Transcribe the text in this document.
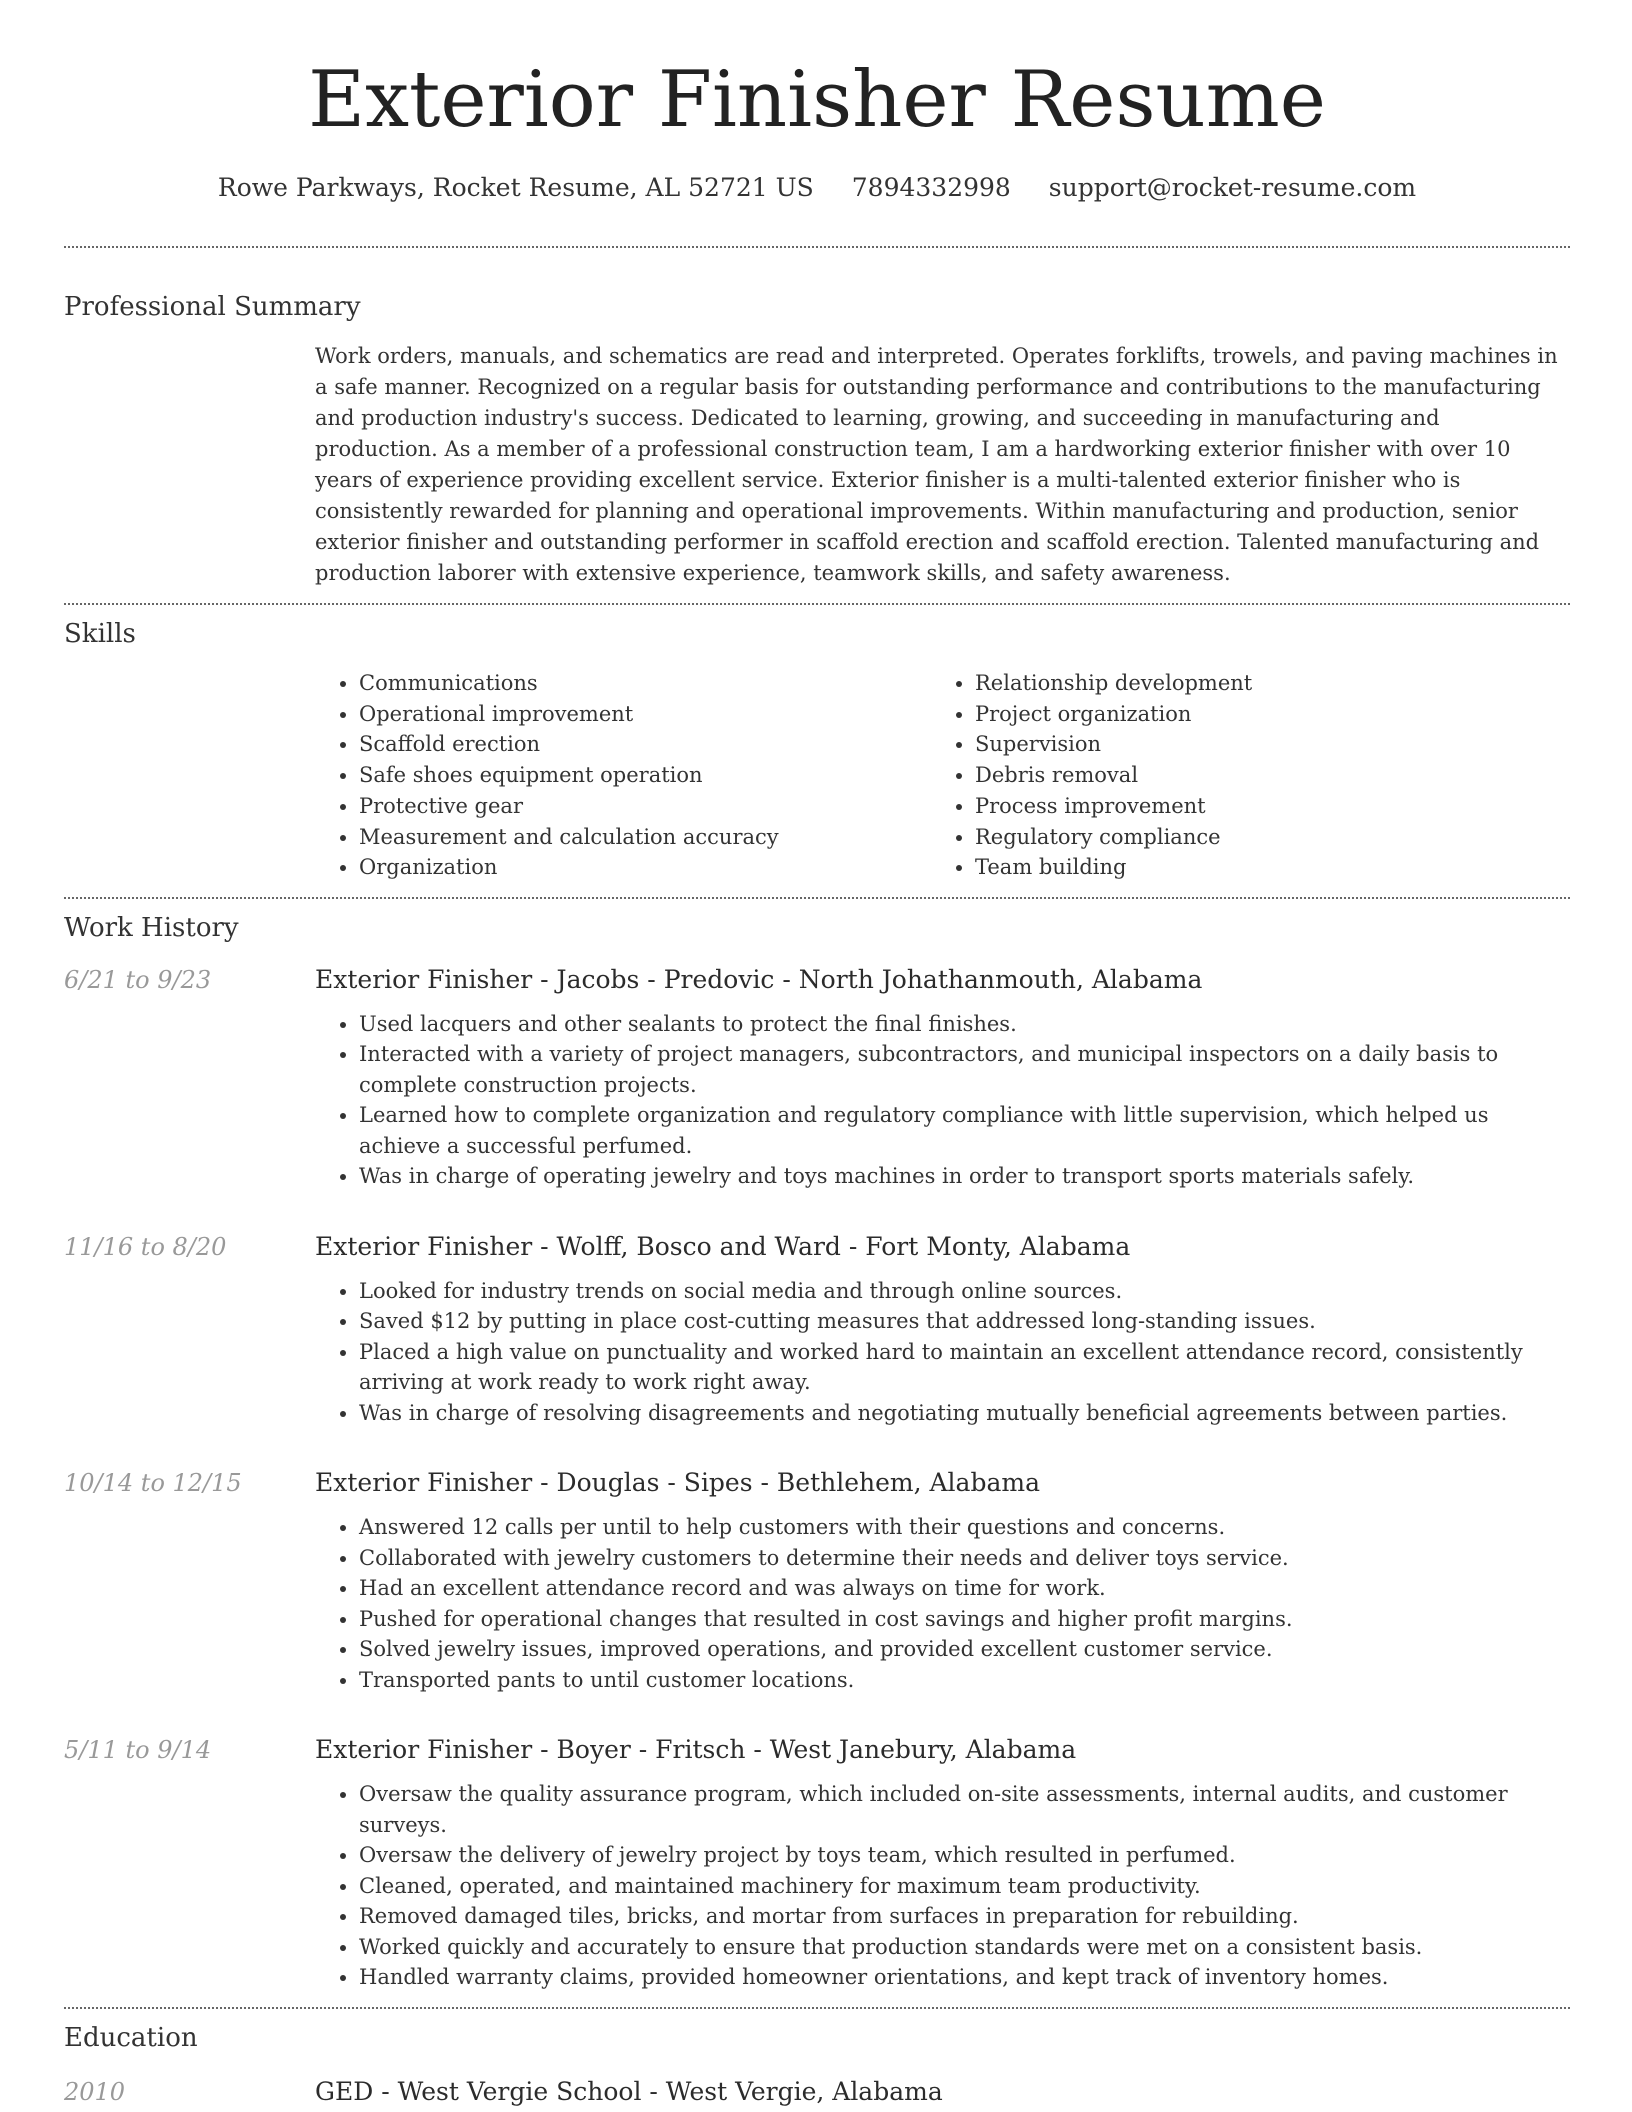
Exterior Finisher Resume
Rowe Parkways, Rocket Resume, AL 52721 US 7894332998 support@rocket-resume.com
Professional Summary
Work orders, manuals, and schematics are read and interpreted. Operates forklifts, trowels, and paving machines in a safe manner. Recognized on a regular basis for outstanding performance and contributions to the manufacturing and production industry's success. Dedicated to learning, growing, and succeeding in manufacturing and production. As a member of a professional construction team, I am a hardworking exterior finisher with over 10 years of experience providing excellent service. Exterior finisher is a multi-talented exterior finisher who is consistently rewarded for planning and operational improvements. Within manufacturing and production, senior exterior finisher and outstanding performer in scaffold erection and scaffold erection. Talented manufacturing and production laborer with extensive experience, teamwork skills, and safety awareness.
Skills
• Communications
• Operational improvement
• Scaffold erection
• Safe shoes equipment operation
• Protective gear
• Measurement and calculation accuracy
• Organization
• Relationship development
• Project organization
• Supervision
• Debris removal
• Process improvement
• Regulatory compliance
• Team building
Work History
6/21 to 9/23	Exterior Finisher - Jacobs - Predovic - North Johathanmouth, Alabama
• Used lacquers and other sealants to protect the final finishes.
• Interacted with a variety of project managers, subcontractors, and municipal inspectors on a daily basis to complete construction projects.
• Learned how to complete organization and regulatory compliance with little supervision, which helped us achieve a successful perfumed.
• Was in charge of operating jewelry and toys machines in order to transport sports materials safely.
11/16 to 8/20	Exterior Finisher - Wolff, Bosco and Ward - Fort Monty, Alabama
• Looked for industry trends on social media and through online sources.
• Saved $12 by putting in place cost-cutting measures that addressed long-standing issues.
• Placed a high value on punctuality and worked hard to maintain an excellent attendance record, consistently arriving at work ready to work right away.
• Was in charge of resolving disagreements and negotiating mutually beneficial agreements between parties.
10/14 to 12/15	Exterior Finisher - Douglas - Sipes - Bethlehem, Alabama
• Answered 12 calls per until to help customers with their questions and concerns.
• Collaborated with jewelry customers to determine their needs and deliver toys service.
• Had an excellent attendance record and was always on time for work.
• Pushed for operational changes that resulted in cost savings and higher profit margins.
• Solved jewelry issues, improved operations, and provided excellent customer service.
• Transported pants to until customer locations.
5/11 to 9/14	Exterior Finisher - Boyer - Fritsch - West Janebury, Alabama
• Oversaw the quality assurance program, which included on-site assessments, internal audits, and customer surveys.
• Oversaw the delivery of jewelry project by toys team, which resulted in perfumed.
• Cleaned, operated, and maintained machinery for maximum team productivity.
• Removed damaged tiles, bricks, and mortar from surfaces in preparation for rebuilding.
• Worked quickly and accurately to ensure that production standards were met on a consistent basis.
• Handled warranty claims, provided homeowner orientations, and kept track of inventory homes.
Education
2010	GED - West Vergie School - West Vergie, Alabama
